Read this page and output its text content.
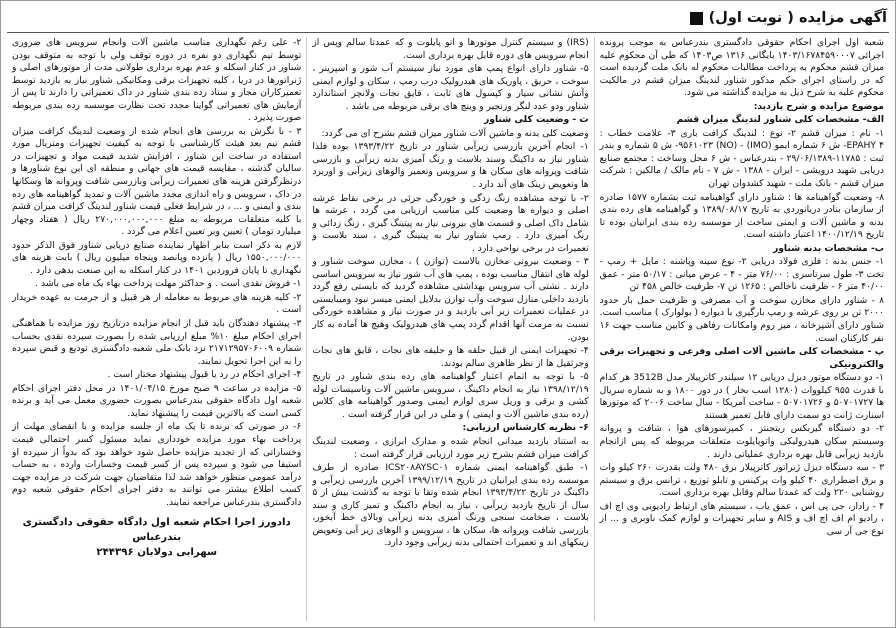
آگهی مزایده ( نوبت اول)

شعبه اول اجرای احکام حقوقی دادگستری بندرعباس به موجب پرونده اجرائی ۱۴۰۳/۱۶۷۸۴۵۹۰۰۰۷ بایگانی ۱۳۱۶ ص۱۴۰۳ که طی آن محکوم علیه میزان قشم محکوم به پرداخت مطالبات محکوم له بانک ملت گردیده است که در راستای اجرای حکم مذکور شناور لندینگ میزان قشم در مالکیت محکوم علیه به شرح ذیل به مزایده گذاشته می شود.

موضوع مزایده و شرح بازدید:

الف- مشخصات کلی شناور لندینگ میزان قشم

۱- نام : میزان قشم ۲- نوع : لندینگ کرافت باری ۳- علامت خطاب : EPAHY ۴- ش ۶ شماره ایمو (IMO) - ۹۵۶۱۰۲۳ (NO)- ش ۵ شماره و بندر ثبت : ۱۱۷۸۵-۲۹/۰۶/۱۳۸۹ - بندرعباس - ش ۶ محل وساخت : مجتمع صنایع دریایی شهید درویشی - ایران - ۱۳۸۸ - ش ۷ - نام مالک / مالکین : شرکت میزان قشم - بانک ملت - شهید کشدوان تهران

۸- وضعیت گواهینامه ها : شناور دارای گواهینامه ثبت بشماره ۱۵۷۷ صادره از سازمان بنادر دریانوردی به تاریخ ۱۳۸۹/۰۸/۱۷ و گواهینامه های رده بندی بدنه و ماشین آلات و ایمنی ساخت از موسسه رده بندی ایرانیان بوده تا تاریخ ۱۴۰۰/۱۲/۱۹ اعتبار داشته است.

ب- مشخصات بدنه شناور

۱- جنس بدنه : فلزی فولاد دریایی ۲- نوع سینه وپاشنه : مایل + رمپ - تخت ۳- طول سرتاسری : ۷۶/۰۰ متر - ۴ - عرض میانی : ۵۰/۱۷ متر - عمق ۴۰/۰۰ متر ۶ - ظرفیت ناخالص : ۱۲۶۵ تن ۷- ظرفیت خالص ۴۵۸ تن

۸ - شناور دارای مخازن سوخت و آب مصرفی و ظرفیت حمل بار حدود ۲۰۰۰ تن بر روی عرشه و رمپ بارگیری با دیواره ( بولوارک ) مناسب است. شناور دارای آشپزخانه ، میز روم وامکانات رفاهی و کابین مناسب جهت ۱۶ نفر کارکنان است.

پ - مشخصات کلی ماشین آلات اصلی وفرعی و تجهیزات برقی والکترونیکی

۱- دو دستگاه موتور دیزل دریایی ۱۲ سیلندر کاترپیلار مدل 3512B هر کدام با قدرت ۹۵۵ کیلووات (۱۲۸۰ اسب بخار ) در دور ۱۸۰۰ و به شماره سریال ها ۵۰۷۰۱۷۲۷ و ۵۰۷۰۱۷۲۶ - ساخت آمریکا - سال ساخت ۲۰۰۶ که موتورها اسنارت ژانت دو سمت دارای قابل تعمیر هستند

۲- دو دستگاه گیربکس ریتجنتز ، کمپرسورهای هوا ، شافت و پروانه وسیستم سکان هیدرولیکی واتوپایلوت متعلقات مربوطه که پس ازانجام بازدید زیرآبی قابل بهره برداری عملیاتی دارند .

۳ - سه دستگاه دیزل ژنراتور کاترپیلار برق ۴۸۰ ولت بقدرت ۲۶۰ کیلو وات و برق اضطراری ۴۰ کیلو وات پرکینس و تابلو توزیع ، ترانس برق و سیستم روشنایی ۲۲۰ ولت که عمدتا سالم وقابل بهره برداری است.

۴ - رادار، جی پی اس ، عمق یاب ، سیستم های ارتباط رادیویی وی اچ اف ، رادیو ام اف اچ اف و AIS و سایر تجهیزات و لوازم کمک ناوبری و ... از نوع جی آر سی

(IRS) و سیستم کنترل موتورها و اتو پایلوت و که عمدتا سالم وپس از انجام سرویس های دوره قابل بهره برداری است.

۵- شناور دارای انواع پمپ های مورد نیاز سیستم آب شور و اسپرینر ، سوخت ، حریق ، پاوریک های هیدرولیک درب رمپ ، سکان و لوازم ایمنی وآتش نشانی سیار و کپسول های ثابت ، قایق نجات ولانچر استاندارد شناور ودو عدد لنگر وزنجیر و وینچ های برقی مربوطه می باشد .

ث - وضعیت کلی شناور

وضعیت کلی بدنه و ماشین آلات شناور میزان قشم بشرح ای می گردد:

۱- انجام آخرین بازرسی زیرآبی شناور در تاریخ ۱۳۹۳/۴/۲۲ بوده فلذا شناور نیاز به داکینگ وسند بلاست و رنگ آمیزی بدنه زیرآبی و بازرسی شافت وپروانه های سکان ها و سرویس وتعمیر والوهای زیرآبی و اوربرد ها وتعویض زینک های آند دارد .

۲- با توجه مشاهده زنگ زدگی و خوردگی جزئی در برخی نقاط عرشه اصلی و دیواره ها وضعیت کلی مناسب ارزیابی می گردد ، عرشه ها شامل داک اصلی و قسمت های بیرونی نیاز به پیتینگ گیری ، زنگ زدائی و رنگ آمیزی دارد . رمپ شناور نیاز به پیتینگ گیری ، سند بلاست و تعمیرات در برخی نواحی دارد .

۳ - وضعیت بیرونی مخازن بالاست (توازن ) ، مخازن سوخت شناور و لوله های انتقال مناسب بوده ، پمپ های آب شور نیاز به سرویس اساسی دارند . نشتی آب سرویس بهداشتی مشاهده گردید که بایستی رفع گردد بازدید داخلی منازل سوخت وآب توازن بدلایل ایمنی میسر نبود ومیبایستی در عملیات تعمیرات زیر آبی بازدید و در صورت نیاز و مشاهده خوردگی نسبت به مرمت آنها اقدام گردد پمپ های هیدرولیک وهیچ ها آماده به کار بودن.

۴- تجهیزات ایمنی از قبیل حلقه ها و جلیقه های نجات ، قایق های نجات وجرثقیل ها از نظر ظاهری سالم بودند.

۵- با توجه به اتمام اعتبار گواهینامه های رده بندی شناور در تاریخ ۱۳۹۸/۱۲/۱۹ نیاز به انجام داکینگ ، سرویس ماشین آلات وتاسیسات لوله کشی و برقی و وریل سری لوازم ایمنی وصدور گواهینامه های کلاس (رده بندی ماشین آلات و ایمنی ) و ملی در این قرار گرفته است .

۶- نظریه کارشناس ارزیابی:

به استناد بازدید میدانی انجام شده و مدارک ابرازی ، وضعیت لندینگ کرافت میزان قشم بشرح زیر مورد ارزیابی قرار گرفته است :

۱- طبق گواهینامه ایمنی شماره ICS۲۰۸AYSC۰۱ صادره از طرف موسسه رده بندی ایرانیان در تاریخ ۱۳۹۹/۱۲/۱۹ آخرین بازرسی زیرآبی و داکینگ در تاریخ ۱۳۹۳/۴/۲۲ انجام شده وتقا با توجه به گذشت بیش از ۵ سال از تاریخ بازدید زیرآبی ، نیاز به انجام داکینگ و تمیز کاری و سند بلاست ، ضخامت سنجی ورنگ آمیزی بدنه زیرآبی وبالای خط آبخور، بازرسی شافت وپروانه ها، سکان ها ، سرویس و الوهای زیر آبی وتعویض زینکهای اند و تعمیرات احتمالی بدنه زیرآبی وجود دارد.

۲- علی رغم نگهداری مناسب ماشین آلات وانجام سرویس های ضروری توسط تیم نگهداری دو نفره در دوره توقف ولی با توجه به متوقف بودن شناور در کنار اسکله و عدم بهره برداری طولانی مدت از موتورهای اصلی و ژنراتورها در دریا ، کلیه تجهیزات برقی ومکانیکی شناور نیاز به بازدید توسط تعمیرکاران مجاز و ستاد رده بندی شناور در داک تعمیراتی را دارند تا پس از آزمایش های تعمیراتی گواینا مجدد تحت نظارت موسسه رده بندی مربوطه صورت پذیرد .

۳ - با نگرش به بررسی های انجام شده از وضعیت لندینگ کرافت میزان قشم تیم بعد هیئت کارشناسی با توجه به کیفیت تجهیزات ومتریال مورد استفاده در ساخت این شناور ، افزایش شدید قیمت مواد و تجهیزات در سالیان گذشته ، مقایسه قیمت های جهانی و منطقه ای این نوع شناورها و درنظرگرفتن هزینه های تعمیرات زیرآبی وبازرسی شافت وپروانه ها وسکانها در داک ، سرویس و راه اندازی مجدد ماشین آلات و تمدید گواهینامه های رده بندی و ایمنی و ... ، در شرایط فعلی قیمت شناور لندینگ کرافت میزان قشم با کلیه متعلقات مربوطه به مبلغ ۲۷۰,۰۰۰,۰۰۰,۰۰۰ ریال ( هفتاد وچهار میلیارد تومان ) تعیین وبر تعیین اعلام می گردد .

لازم به ذکر است بنابر اظهار نماینده صنایع دریایی شناور فوق الذکر حدود ۱۵۵۰,۰۰۰/۰۰۰ ریال ( پانزده وپانصد وپنجاه میلیون ریال ) بابت هزینه های نگهداری تا پایان فروردین ۱۴۰۱ در کنار اسکله به این صنعت بدهی دارد .

۱- فروش نقدی است . و حداکثر مهلت پرداخت بهاء یک ماه می باشد .

۲- کلیه هزینه های مربوط به معامله از هر قبیل و از جرمت به عهده خریدار است .

۳- پیشنهاد دهندگان باید قبل از انجام مزایده درتاریخ روز مزایده با هماهنگی اجرای احکام مبلغ ۱۰% مبلغ ارزیابی شده را بصورت سپرده نقدی بحساب شماره ۲۱۷۱۲۹۵۷۰۶۰۰۹ نزد بانک ملی شعبه دادگستری تودیع و قبض سپرده را به این اجرا تحویل نمایند.

۴- اجرای احکام در رد یا قبول پیشنهاد مختار است .

۵- مزایده در ساعت ۹ صبح مورخ ۱۴۰۱/۰۴/۱۵ در محل دفتر اجرای احکام شعبه اول دادگاه حقوقی بندرعباس بصورت حضوری معمل می آید و برنده کسی است که بالاترین قیمت را پیشنهاد نماید.

۶- در صورتی که برنده تا یک ماه از جلسه مزایده و با انقضای مهلت از پرداخت بهاء مورد مزایده خودداری نماید مسئول کسر احتمالی قیمت وخساراتی که از تجدید مزایده حاصل شود خواهد بود که بدواً از سپرده او استیفا می شود و سپرده پس از کسر قیمت وخسارات وارده ، به حساب درآمد عمومی منظور خواهد شد لذا متقاضیان جهت شرکت در مزایده جهت کسب اطلاع بیشتر می توانند به دفتر اجرای احکام حقوقی شعبه دوم دادگستری بندرعباس مراجعه نمایند.

دادورز اجرا احکام شعبه اول دادگاه حقوقی دادگستری بندرعباس
سهرابی دولابان ۲۴۴۳۹۶
